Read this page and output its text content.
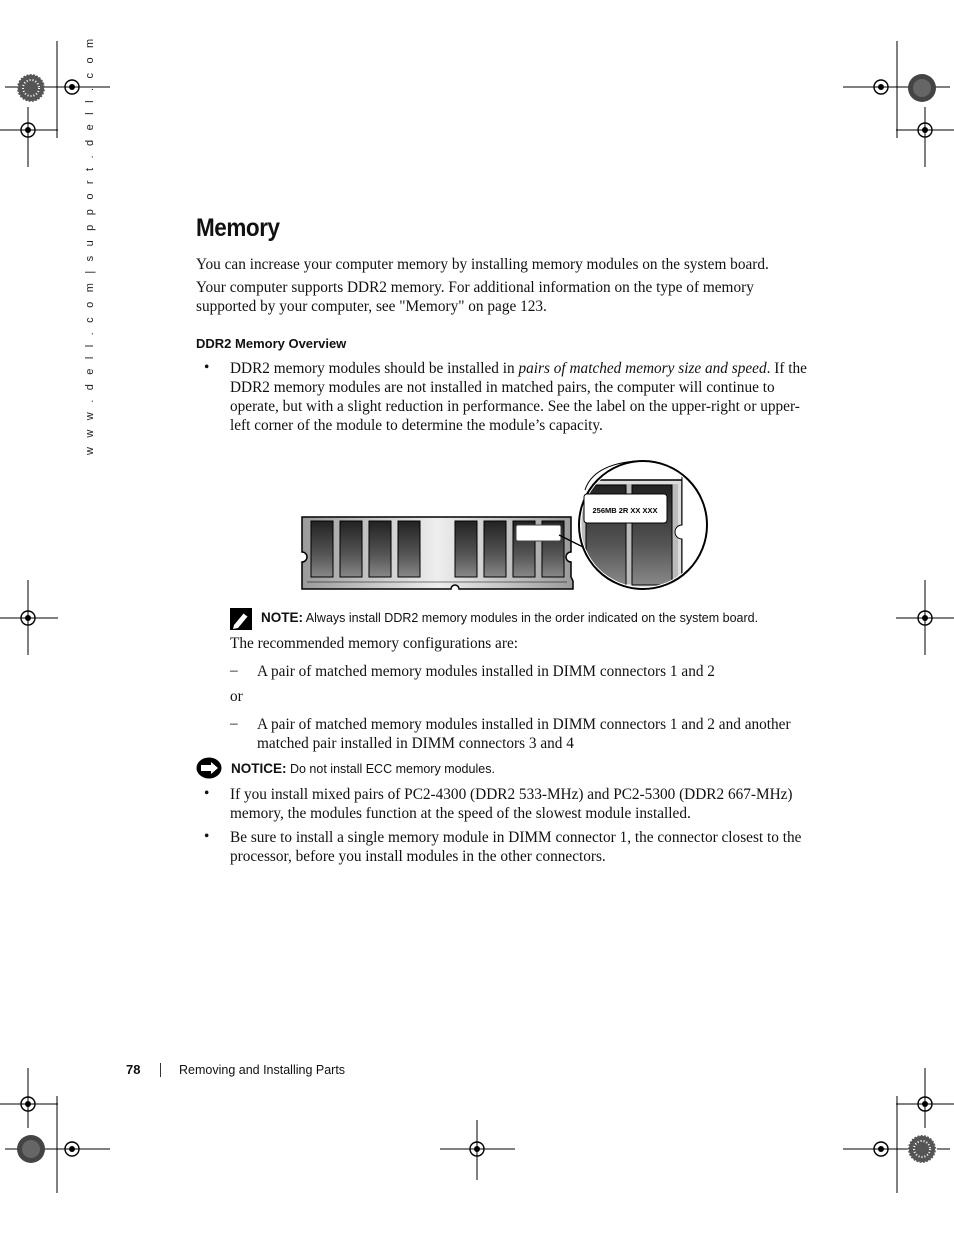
w w w . d e l l . c o m | s u p p o r t . d e l l . c o m	Memory

You can increase your computer memory by installing memory modules on the system board.

Your computer supports DDR2 memory. For additional information on the type of memory supported by your computer, see "Memory" on page 123.

DDR2 Memory Overview
• DDR2 memory modules should be installed in pairs of matched memory size and speed. If the DDR2 memory modules are not installed in matched pairs, the computer will continue to operate, but with a slight reduction in performance. See the label on the upper-right or upper-left corner of the module to determine the module’s capacity.

256MB 2R XX XXX
NOTE: Always install DDR2 memory modules in the order indicated on the system board.

The recommended memory configurations are:

– A pair of matched memory modules installed in DIMM connectors 1 and 2

or

– A pair of matched memory modules installed in DIMM connectors 1 and 2 and another matched pair installed in DIMM connectors 3 and 4

NOTICE: Do not install ECC memory modules.
• If you install mixed pairs of PC2-4300 (DDR2 533-MHz) and PC2-5300 (DDR2 667-MHz) memory, the modules function at the speed of the slowest module installed.

• Be sure to install a single memory module in DIMM connector 1, the connector closest to the processor, before you install modules in the other connectors.

78	Removing and Installing Parts
